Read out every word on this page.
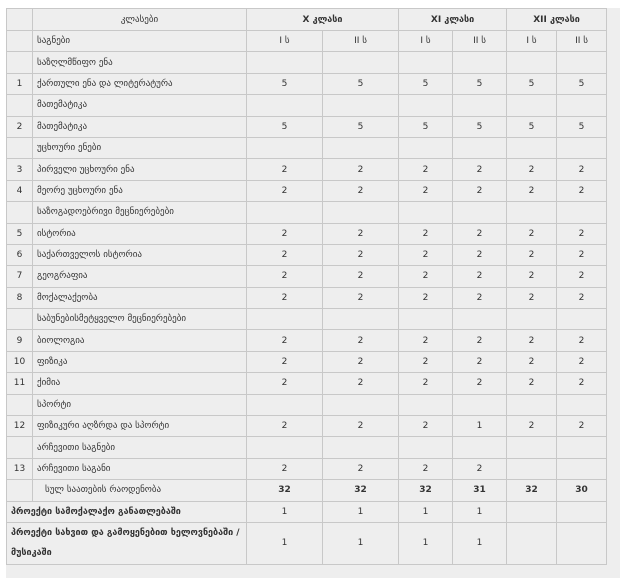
	კლასები	X კლასი		XI კლასი		XII კლასი	
	საგნები	I ს	II ს	I ს	II ს	I ს	II ს
	საზღლმწიფო ენა						
1	ქართული ენა და ლიტერატურა	5	5	5	5	5	5
	მათემატიკა						
2	მათემატიკა	5	5	5	5	5	5
	უცხოური ენები						
3	პირველი უცხოური ენა	2	2	2	2	2	2
4	მეორე უცხოური ენა	2	2	2	2	2	2
	საზოგადოებრივი მეცნიერებები						
5	ისტორია	2	2	2	2	2	2
6	საქართველოს ისტორია	2	2	2	2	2	2
7	გეოგრაფია	2	2	2	2	2	2
8	მოქალაქეობა	2	2	2	2	2	2
	საბუნებისმეტყველო მეცნიერებები						
9	ბიოლოგია	2	2	2	2	2	2
10	ფიზიკა	2	2	2	2	2	2
11	ქიმია	2	2	2	2	2	2
	სპორტი						
12	ფიზიკური აღზრდა და სპორტი	2	2	2	1	2	2
	არჩევითი საგნები						
13	არჩევითი საგანი	2	2	2	2		
	სულ საათების რაოდენობა	32	32	32	31	32	30
პროექტი სამოქალაქო განათლებაში		1	1	1	1		
პროექტი სახვით და გამოყენებით ხელოვნებაში / მუსიკაში		1	1	1	1		
